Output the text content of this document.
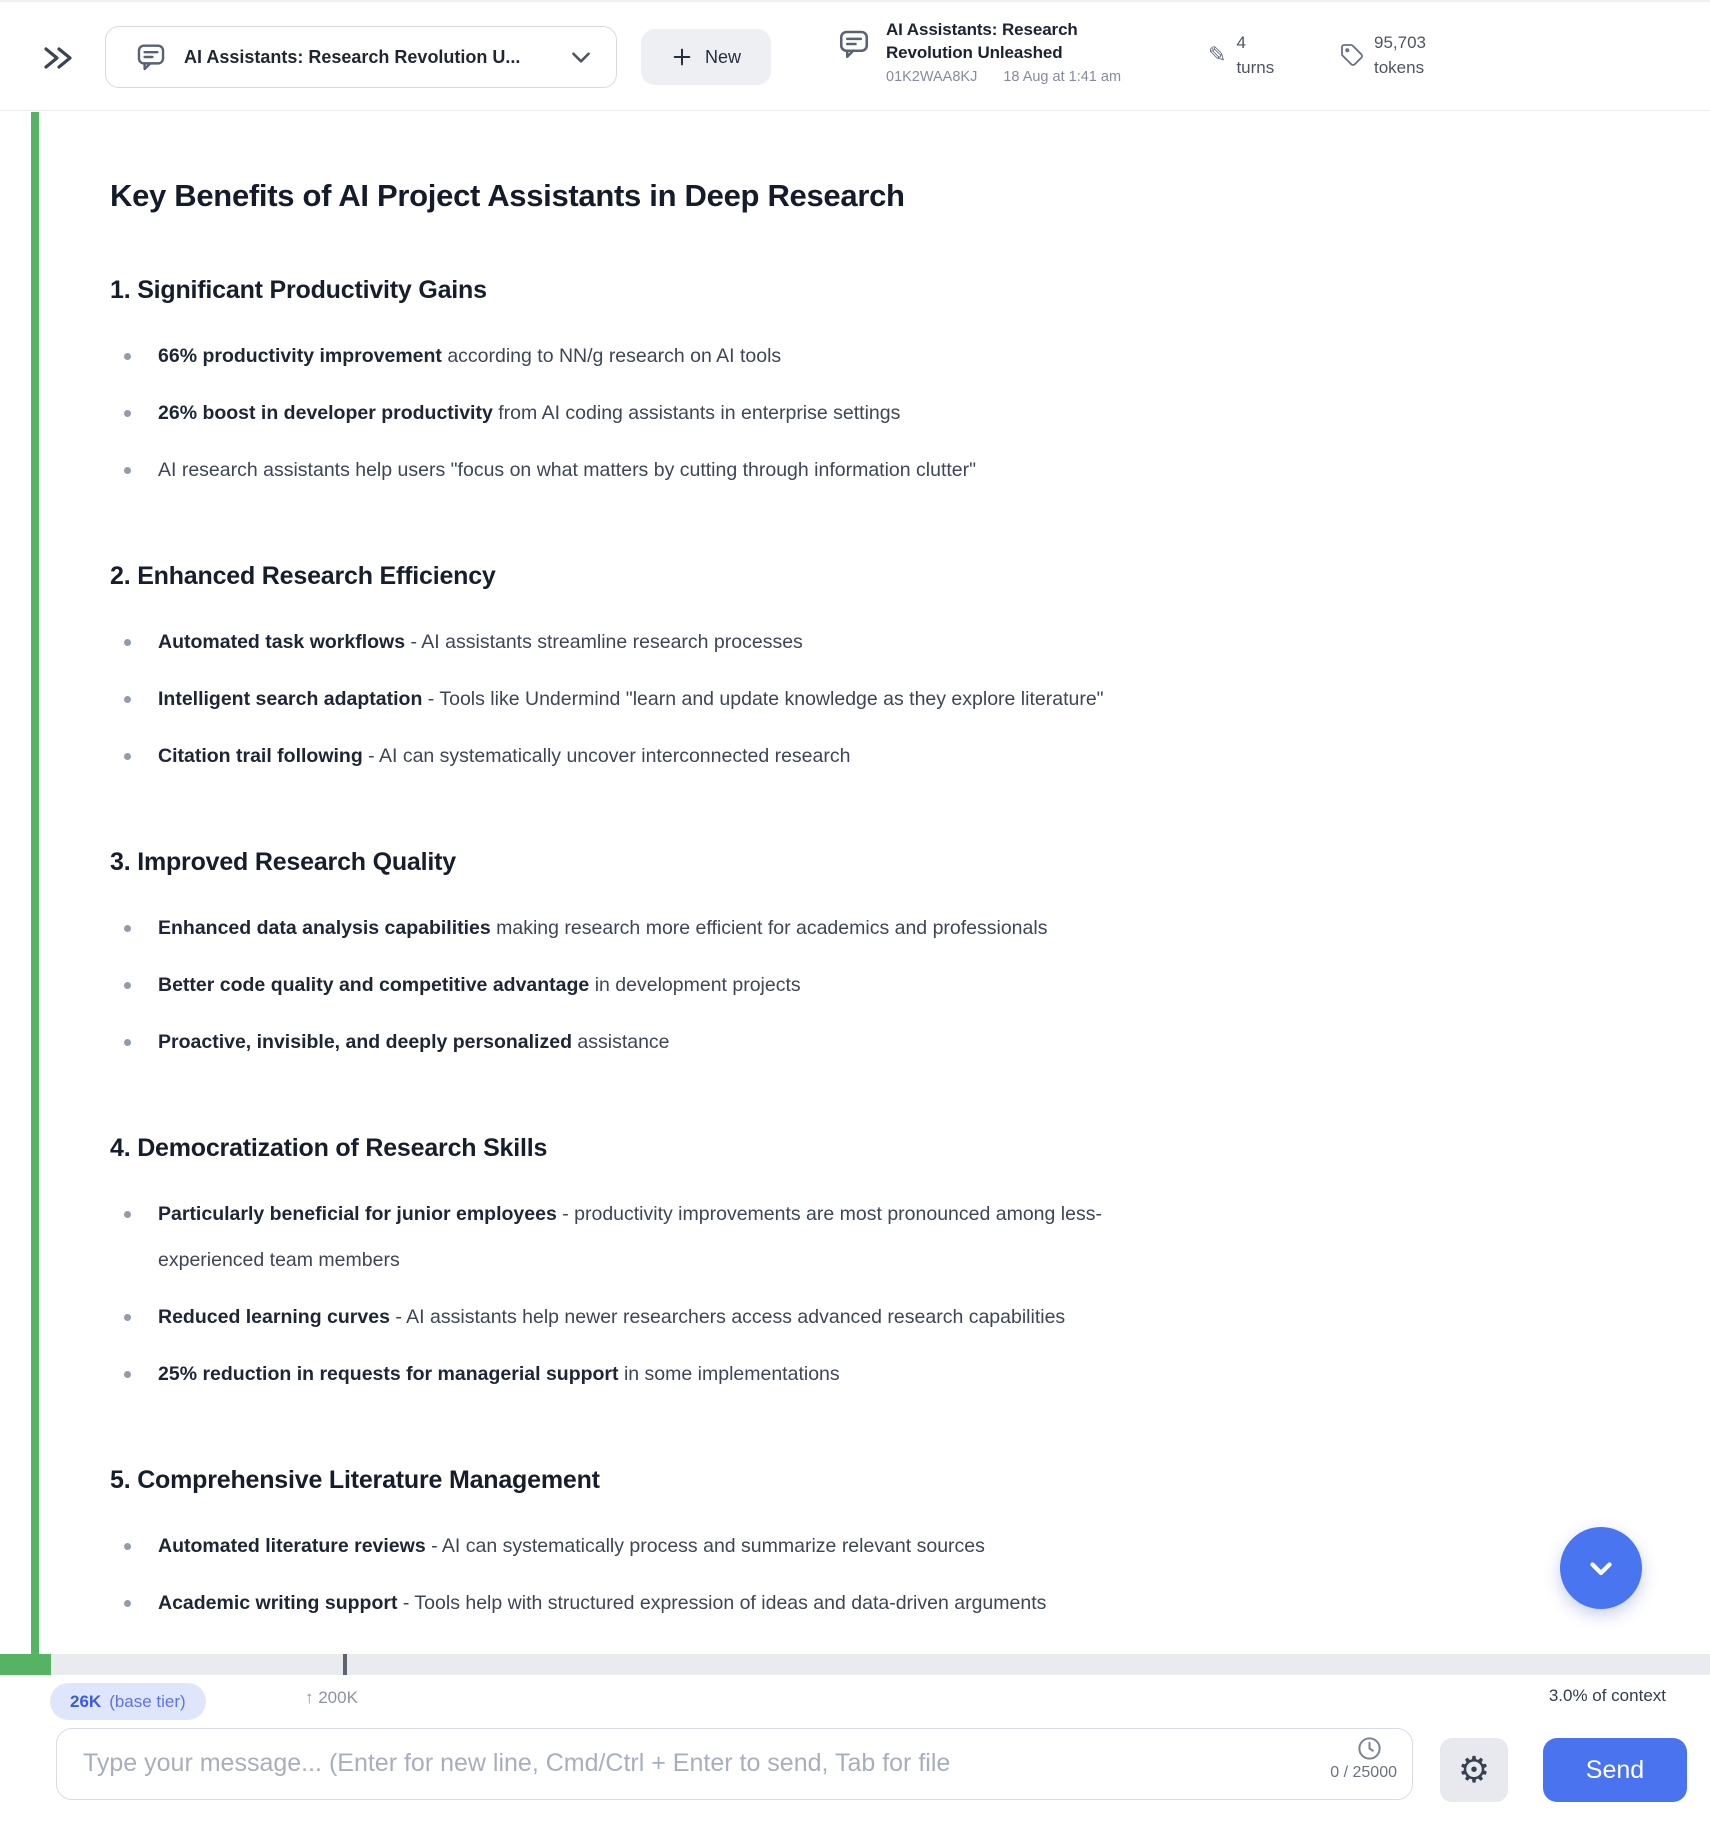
AI Assistants: Research Revolution U...	New
AI Assistants: Research Revolution Unleashed
01K2WAA8KJ 18 Aug at 1:41 am
✎ 4
turns
95,703
tokens
Key Benefits of AI Project Assistants in Deep Research
1. Significant Productivity Gains
66% productivity improvement according to NN/g research on AI tools
26% boost in developer productivity from AI coding assistants in enterprise settings
AI research assistants help users "focus on what matters by cutting through information clutter"
2. Enhanced Research Efficiency
Automated task workflows - AI assistants streamline research processes
Intelligent search adaptation - Tools like Undermind "learn and update knowledge as they explore literature"
Citation trail following - AI can systematically uncover interconnected research
3. Improved Research Quality
Enhanced data analysis capabilities making research more efficient for academics and professionals
Better code quality and competitive advantage in development projects
Proactive, invisible, and deeply personalized assistance
4. Democratization of Research Skills
Particularly beneficial for junior employees - productivity improvements are most pronounced among less-
experienced team members
Reduced learning curves - AI assistants help newer researchers access advanced research capabilities
25% reduction in requests for managerial support in some implementations
5. Comprehensive Literature Management
Automated literature reviews - AI can systematically process and summarize relevant sources
Academic writing support - Tools help with structured expression of ideas and data-driven arguments
26K (base tier)	↑ 200K	3.0% of context
Type your message... (Enter for new line, Cmd/Ctrl + Enter to send, Tab for file
0 / 25000 ⚙	Send
